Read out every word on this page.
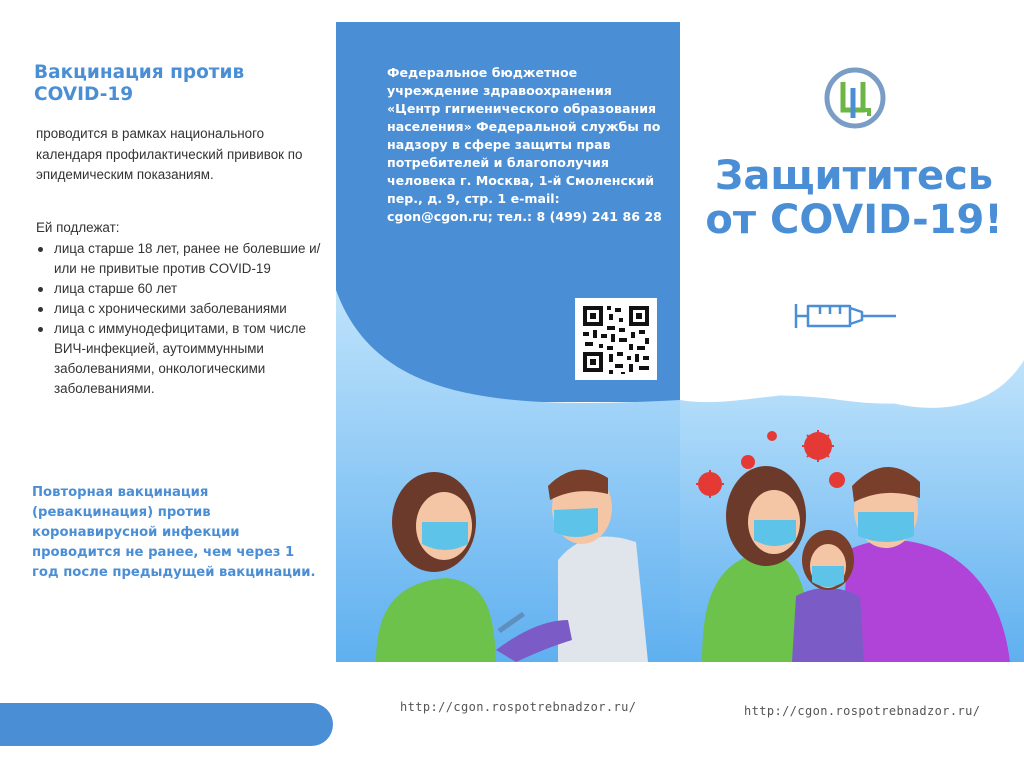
Вакцинация против COVID-19

проводится в рамках национального календаря профилактический прививок по эпидемическим показаниям.

Ей подлежат:

лица старше 18 лет, ранее не болевшие и/или не привитые против COVID-19
лица старше 60 лет
лица с хроническими заболеваниями
лица с иммунодефицитами, в том числе ВИЧ-инфекцией, аутоиммунными заболеваниями, онкологическими заболеваниями.

Повторная вакцинация (ревакцинация) против коронавирусной инфекции проводится не ранее, чем через 1 год после предыдущей вакцинации.

Федеральное бюджетное учреждение здравоохранения «Центр гигиенического образования населения» Федеральной службы по надзору в сфере защиты прав потребителей и благополучия человека г. Москва, 1-й Смоленский пер., д. 9, стр. 1 e-mail: cgon@cgon.ru; тел.: 8 (499) 241 86 28

http://cgon.rospotrebnadzor.ru/

Защититесь
от COVID-19!

http://cgon.rospotrebnadzor.ru/
